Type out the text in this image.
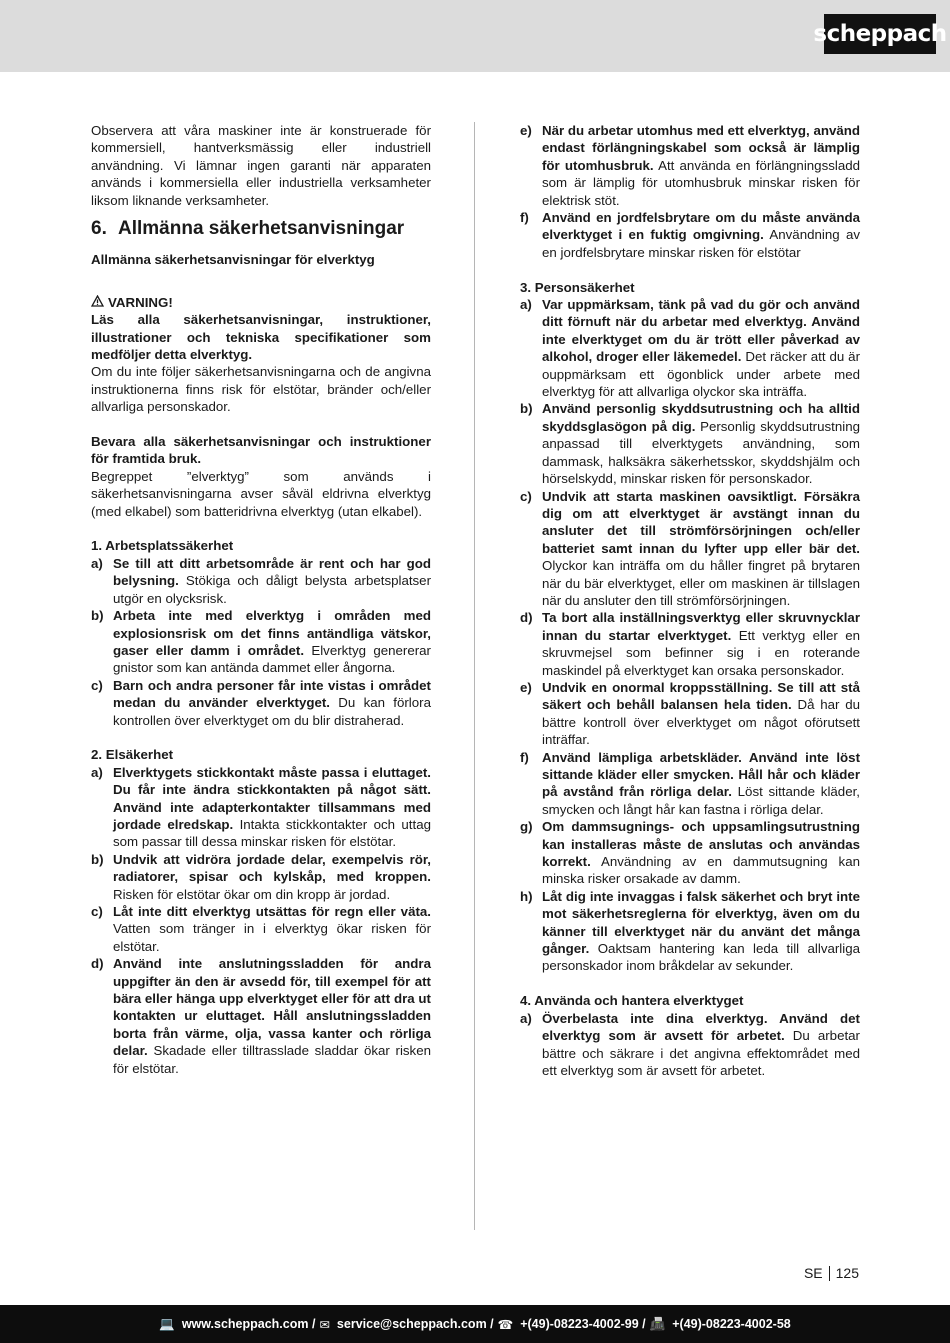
scheppach

Observera att våra maskiner inte är konstruerade för kommersiell, hantverksmässig eller industriell användning. Vi lämnar ingen garanti när apparaten används i kommersiella eller industriella verksamheter liksom liknande verksamheter.

6. Allmänna säkerhetsanvisningar
Allmänna säkerhetsanvisningar för elverktyg
VARNING!

Läs alla säkerhetsanvisningar, instruktioner, illustrationer och tekniska specifikationer som medföljer detta elverktyg.

Om du inte följer säkerhetsanvisningarna och de angivna instruktionerna finns risk för elstötar, bränder och/eller allvarliga personskador.

Bevara alla säkerhetsanvisningar och instruktioner för framtida bruk.

Begreppet ”elverktyg” som används i säkerhetsanvisningarna avser såväl eldrivna elverktyg (med elkabel) som batteridrivna elverktyg (utan elkabel).

1. Arbetsplatssäkerhet
a) Se till att ditt arbetsområde är rent och har god belysning. Stökiga och dåligt belysta arbetsplatser utgör en olycksrisk.
b) Arbeta inte med elverktyg i områden med explosionsrisk om det finns antändliga vätskor, gaser eller damm i området. Elverktyg genererar gnistor som kan antända dammet eller ångorna.
c) Barn och andra personer får inte vistas i området medan du använder elverktyget. Du kan förlora kontrollen över elverktyget om du blir distraherad.
2. Elsäkerhet
a) Elverktygets stickkontakt måste passa i eluttaget. Du får inte ändra stickkontakten på något sätt. Använd inte adapterkontakter tillsammans med jordade elredskap. Intakta stickkontakter och uttag som passar till dessa minskar risken för elstötar.
b) Undvik att vidröra jordade delar, exempelvis rör, radiatorer, spisar och kylskåp, med kroppen. Risken för elstötar ökar om din kropp är jordad.
c) Låt inte ditt elverktyg utsättas för regn eller väta. Vatten som tränger in i elverktyg ökar risken för elstötar.
d) Använd inte anslutningssladden för andra uppgifter än den är avsedd för, till exempel för att bära eller hänga upp elverktyget eller för att dra ut kontakten ur eluttaget. Håll anslutningssladden borta från värme, olja, vassa kanter och rörliga delar. Skadade eller tilltrasslade sladdar ökar risken för elstötar.
e) När du arbetar utomhus med ett elverktyg, använd endast förlängningskabel som också är lämplig för utomhusbruk. Att använda en förlängningssladd som är lämplig för utomhusbruk minskar risken för elektrisk stöt.
f) Använd en jordfelsbrytare om du måste använda elverktyget i en fuktig omgivning. Användning av en jordfelsbrytare minskar risken för elstötar
3. Personsäkerhet
a) Var uppmärksam, tänk på vad du gör och använd ditt förnuft när du arbetar med elverktyg. Använd inte elverktyget om du är trött eller påverkad av alkohol, droger eller läkemedel. Det räcker att du är ouppmärksam ett ögonblick under arbete med elverktyg för att allvarliga olyckor ska inträffa.
b) Använd personlig skyddsutrustning och ha alltid skyddsglasögon på dig. Personlig skyddsutrustning anpassad till elverktygets användning, som dammask, halksäkra säkerhetsskor, skyddshjälm och hörselskydd, minskar risken för personskador.
c) Undvik att starta maskinen oavsiktligt. Försäkra dig om att elverktyget är avstängt innan du ansluter det till strömförsörjningen och/eller batteriet samt innan du lyfter upp eller bär det. Olyckor kan inträffa om du håller fingret på brytaren när du bär elverktyget, eller om maskinen är tillslagen när du ansluter den till strömförsörjningen.
d) Ta bort alla inställningsverktyg eller skruvnycklar innan du startar elverktyget. Ett verktyg eller en skruvmejsel som befinner sig i en roterande maskindel på elverktyget kan orsaka personskador.
e) Undvik en onormal kroppsställning. Se till att stå säkert och behåll balansen hela tiden. Då har du bättre kontroll över elverktyget om något oförutsett inträffar.
f) Använd lämpliga arbetskläder. Använd inte löst sittande kläder eller smycken. Håll hår och kläder på avstånd från rörliga delar. Löst sittande kläder, smycken och långt hår kan fastna i rörliga delar.
g) Om dammsugnings- och uppsamlingsutrustning kan installeras måste de anslutas och användas korrekt. Användning av en dammutsugning kan minska risker orsakade av damm.
h) Låt dig inte invaggas i falsk säkerhet och bryt inte mot säkerhetsreglerna för elverktyg, även om du känner till elverktyget när du använt det många gånger. Oaktsam hantering kan leda till allvarliga personskador inom bråkdelar av sekunder.
4. Använda och hantera elverktyget
a) Överbelasta inte dina elverktyg. Använd det elverktyg som är avsett för arbetet. Du arbetar bättre och säkrare i det angivna effektområdet med ett elverktyg som är avsett för arbetet.
SE 125
💻 www.scheppach.com / ✉ service@scheppach.com / ☎ +(49)-08223-4002-99 / 📠 +(49)-08223-4002-58
